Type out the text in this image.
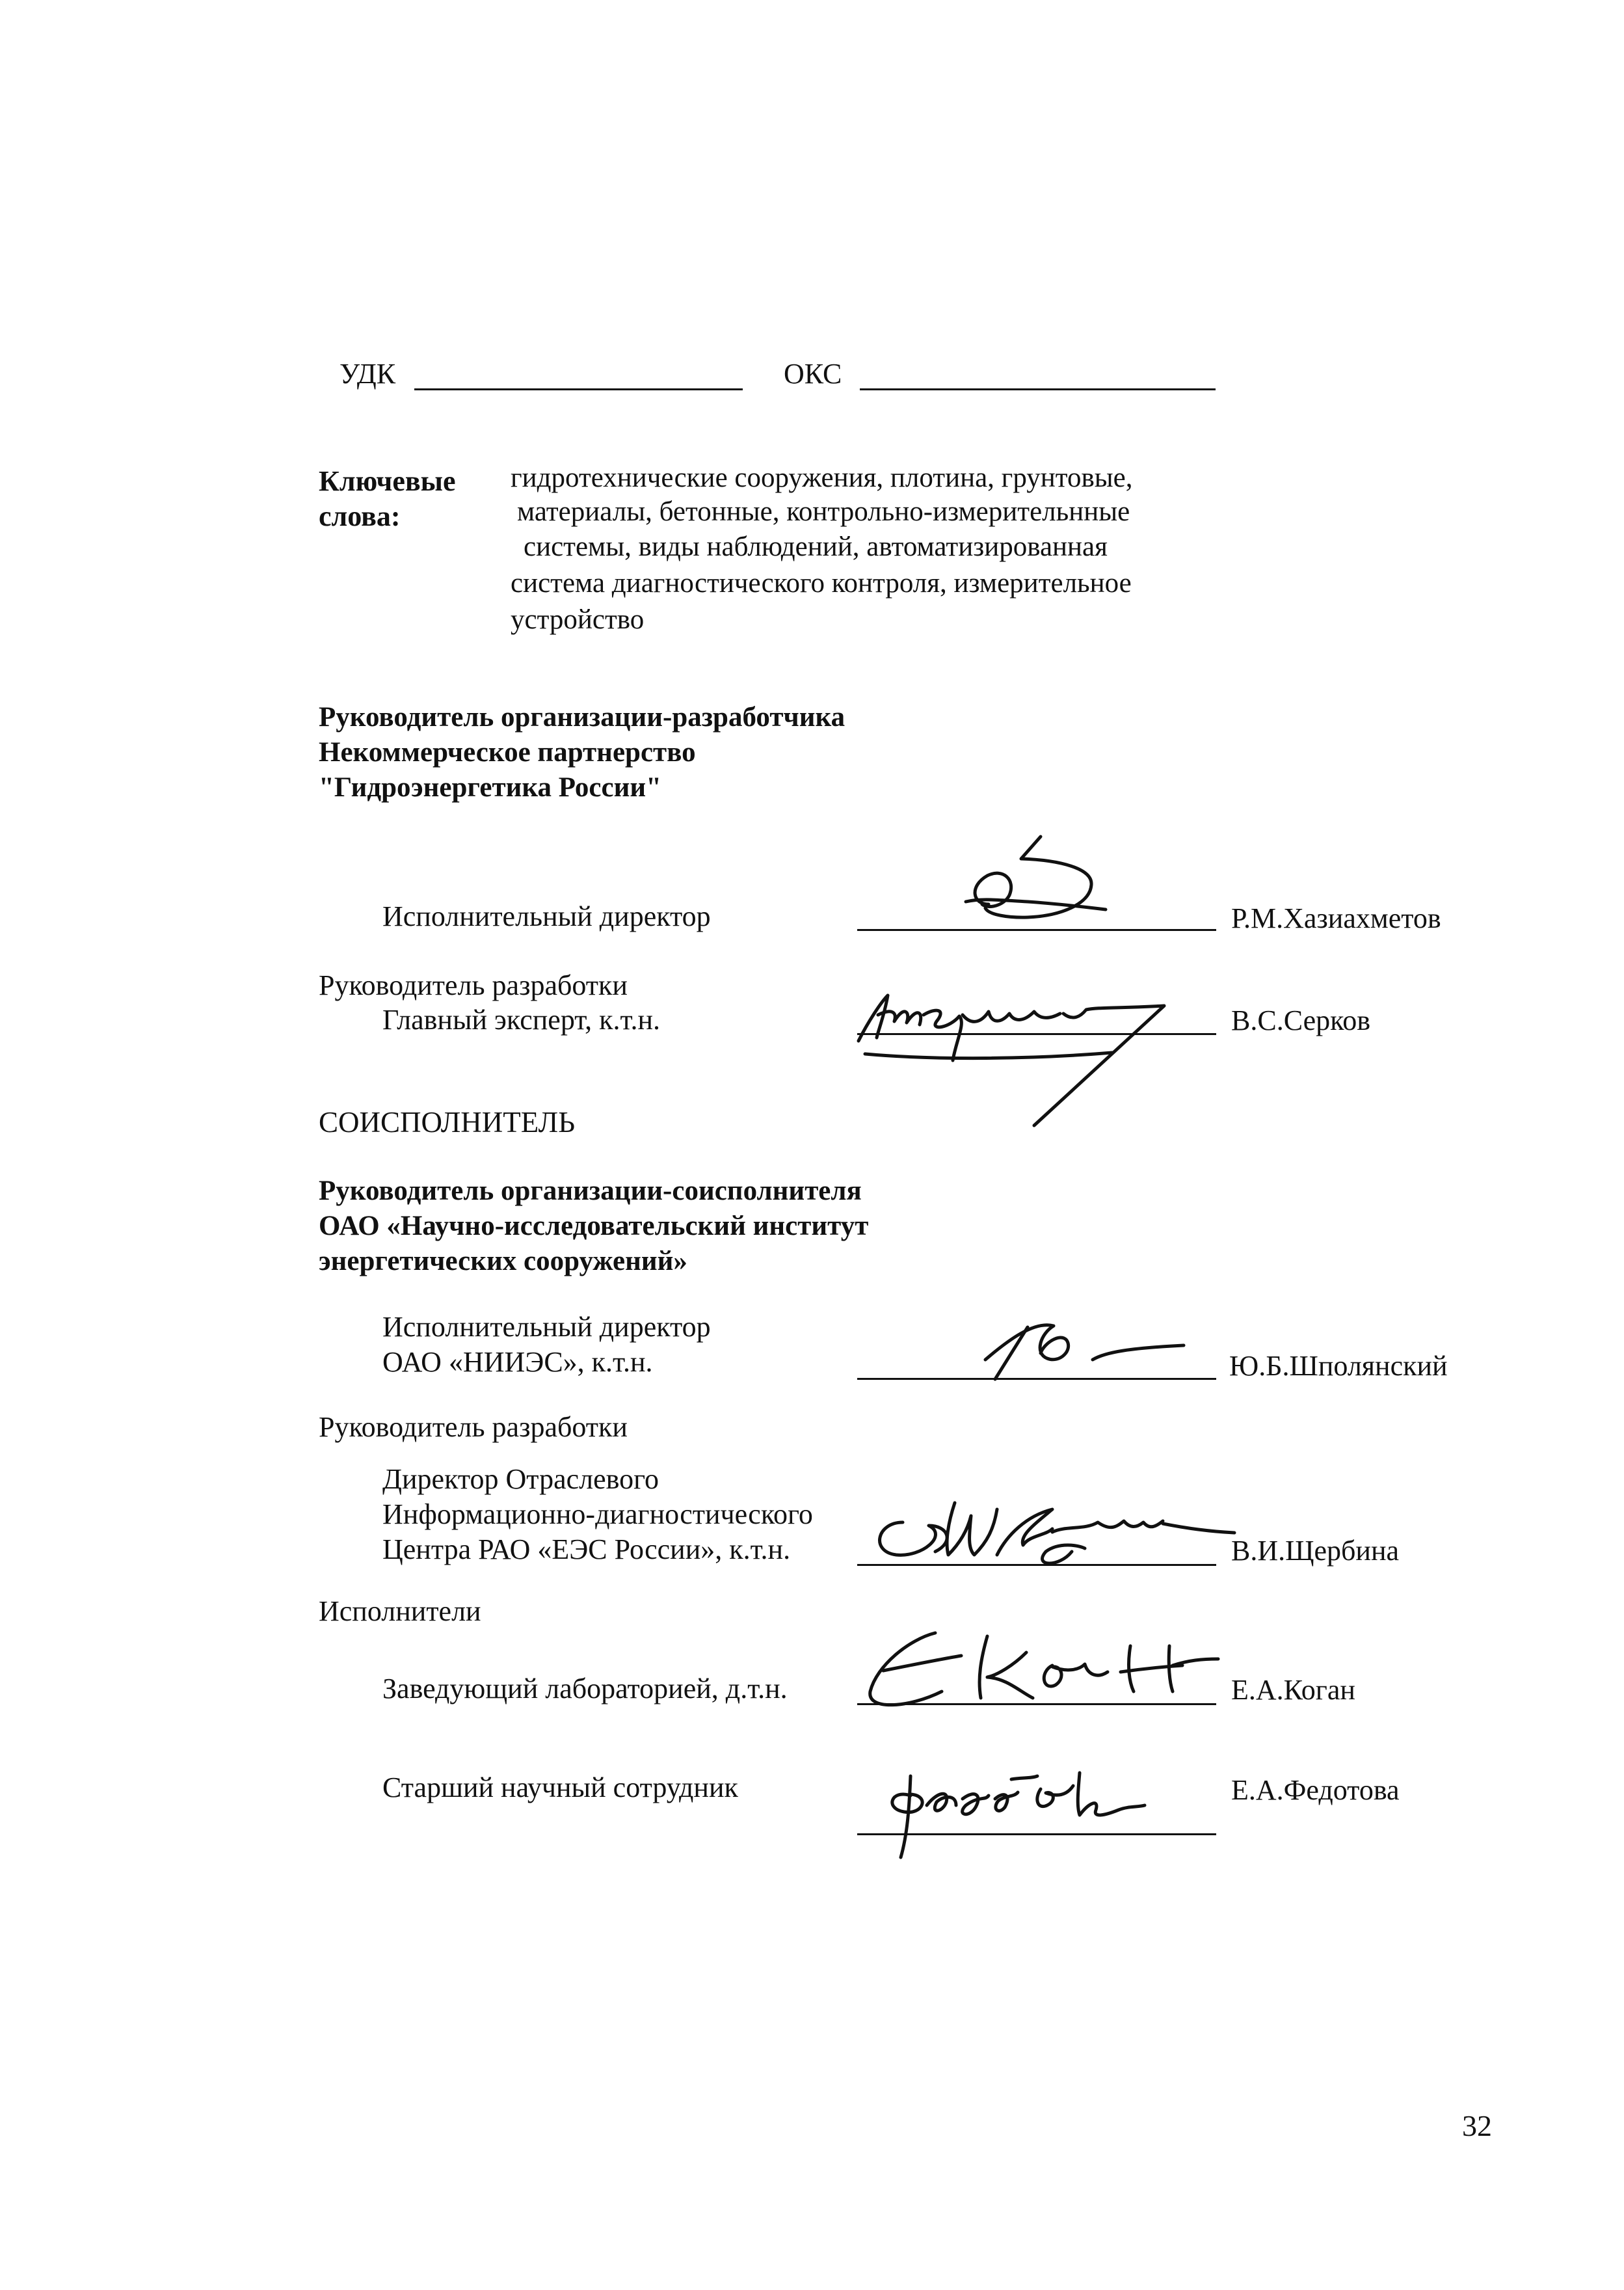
УДК	ОКС
Ключевые
слова:
гидротехнические сооружения, плотина, грунтовые,
материалы, бетонные, контрольно-измерительнные
системы, виды наблюдений, автоматизированная
система диагностического контроля, измерительное
устройство
Руководитель организации-разработчика
Некоммерческое партнерство
"Гидроэнергетика России"
Исполнительный директор	Р.М.Хазиахметов
Руководитель разработки
Главный эксперт, к.т.н.	В.С.Серков
СОИСПОЛНИТЕЛЬ
Руководитель организации-соисполнителя
ОАО «Научно-исследовательский институт
энергетических сооружений»
Исполнительный директор
ОАО «НИИЭС», к.т.н.	Ю.Б.Шполянский
Руководитель разработки
Директор Отраслевого
Информационно-диагностического
Центра РАО «ЕЭС России», к.т.н.	В.И.Щербина
Исполнители
Заведующий лабораторией, д.т.н.	Е.А.Коган
Старший научный сотрудник	Е.А.Федотова
32
